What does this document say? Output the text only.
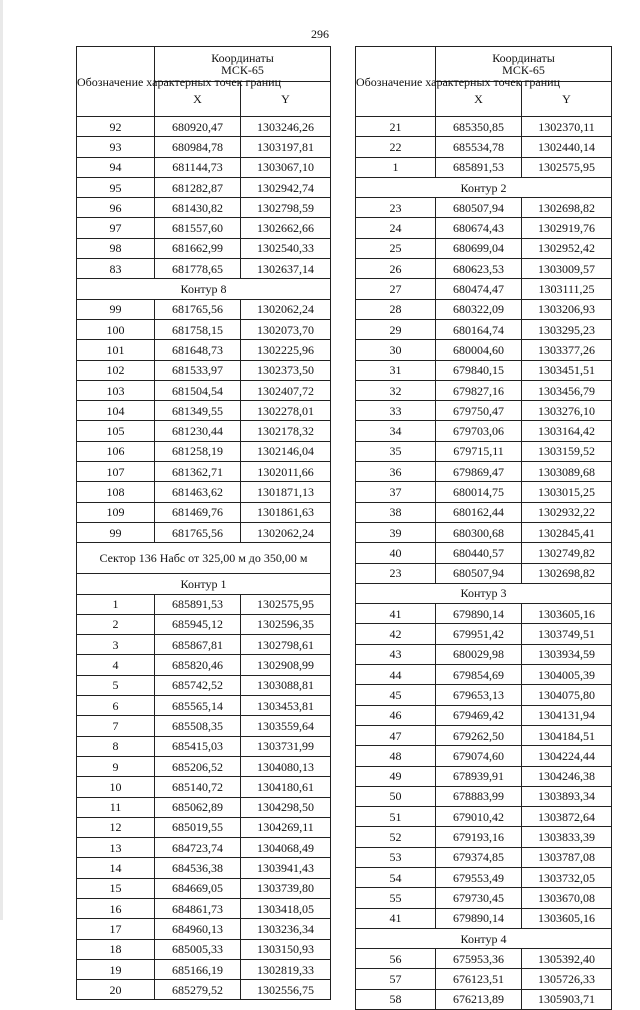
296
Обозначение характерных точек границ	Координаты
МСК-65	
	X	Y
92	680920,47	1303246,26
93	680984,78	1303197,81
94	681144,73	1303067,10
95	681282,87	1302942,74
96	681430,82	1302798,59
97	681557,60	1302662,66
98	681662,99	1302540,33
83	681778,65	1302637,14
Контур 8		
99	681765,56	1302062,24
100	681758,15	1302073,70
101	681648,73	1302225,96
102	681533,97	1302373,50
103	681504,54	1302407,72
104	681349,55	1302278,01
105	681230,44	1302178,32
106	681258,19	1302146,04
107	681362,71	1302011,66
108	681463,62	1301871,13
109	681469,76	1301861,63
99	681765,56	1302062,24
Сектор 136 Набс от 325,00 м до 350,00 м		
Контур 1		
1	685891,53	1302575,95
2	685945,12	1302596,35
3	685867,81	1302798,61
4	685820,46	1302908,99
5	685742,52	1303088,81
6	685565,14	1303453,81
7	685508,35	1303559,64
8	685415,03	1303731,99
9	685206,52	1304080,13
10	685140,72	1304180,61
11	685062,89	1304298,50
12	685019,55	1304269,11
13	684723,74	1304068,49
14	684536,38	1303941,43
15	684669,05	1303739,80
16	684861,73	1303418,05
17	684960,13	1303236,34
18	685005,33	1303150,93
19	685166,19	1302819,33
20	685279,52	1302556,75
Обозначение характерных точек границ	Координаты
МСК-65	
	X	Y
21	685350,85	1302370,11
22	685534,78	1302440,14
1	685891,53	1302575,95
Контур 2		
23	680507,94	1302698,82
24	680674,43	1302919,76
25	680699,04	1302952,42
26	680623,53	1303009,57
27	680474,47	1303111,25
28	680322,09	1303206,93
29	680164,74	1303295,23
30	680004,60	1303377,26
31	679840,15	1303451,51
32	679827,16	1303456,79
33	679750,47	1303276,10
34	679703,06	1303164,42
35	679715,11	1303159,52
36	679869,47	1303089,68
37	680014,75	1303015,25
38	680162,44	1302932,22
39	680300,68	1302845,41
40	680440,57	1302749,82
23	680507,94	1302698,82
Контур 3		
41	679890,14	1303605,16
42	679951,42	1303749,51
43	680029,98	1303934,59
44	679854,69	1304005,39
45	679653,13	1304075,80
46	679469,42	1304131,94
47	679262,50	1304184,51
48	679074,60	1304224,44
49	678939,91	1304246,38
50	678883,99	1303893,34
51	679010,42	1303872,64
52	679193,16	1303833,39
53	679374,85	1303787,08
54	679553,49	1303732,05
55	679730,45	1303670,08
41	679890,14	1303605,16
Контур 4		
56	675953,36	1305392,40
57	676123,51	1305726,33
58	676213,89	1305903,71
